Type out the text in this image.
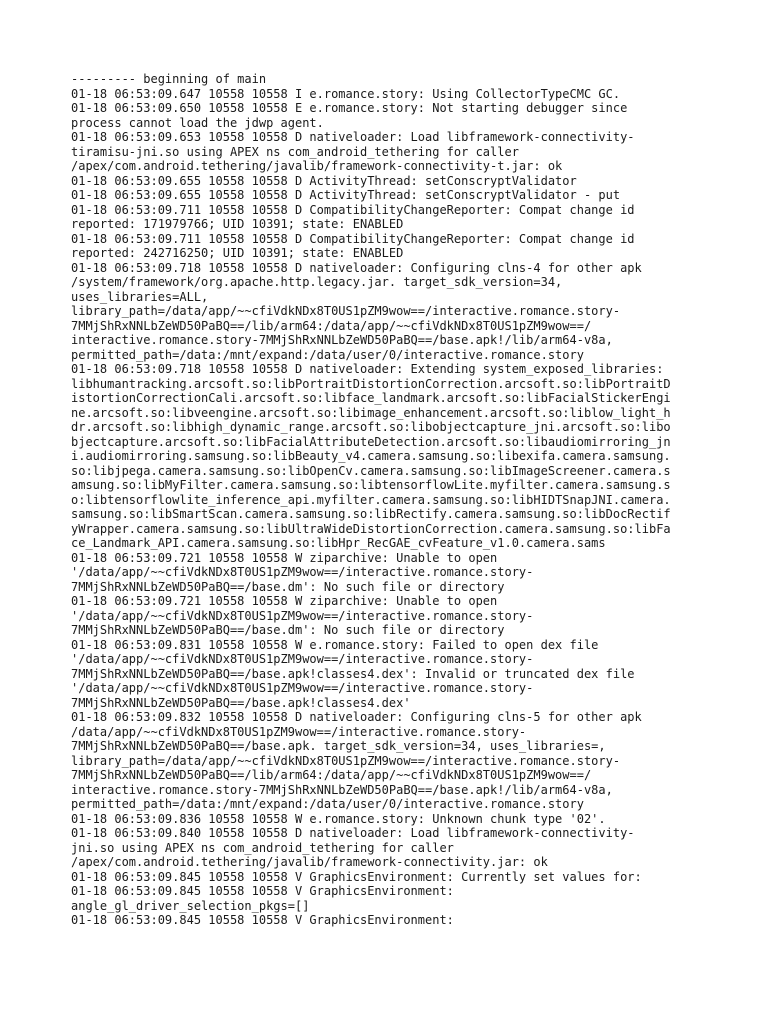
--------- beginning of main
01-18 06:53:09.647 10558 10558 I e.romance.story: Using CollectorTypeCMC GC.
01-18 06:53:09.650 10558 10558 E e.romance.story: Not starting debugger since
process cannot load the jdwp agent.
01-18 06:53:09.653 10558 10558 D nativeloader: Load libframework-connectivity-
tiramisu-jni.so using APEX ns com_android_tethering for caller
/apex/com.android.tethering/javalib/framework-connectivity-t.jar: ok
01-18 06:53:09.655 10558 10558 D ActivityThread: setConscryptValidator
01-18 06:53:09.655 10558 10558 D ActivityThread: setConscryptValidator - put
01-18 06:53:09.711 10558 10558 D CompatibilityChangeReporter: Compat change id
reported: 171979766; UID 10391; state: ENABLED
01-18 06:53:09.711 10558 10558 D CompatibilityChangeReporter: Compat change id
reported: 242716250; UID 10391; state: ENABLED
01-18 06:53:09.718 10558 10558 D nativeloader: Configuring clns-4 for other apk
/system/framework/org.apache.http.legacy.jar. target_sdk_version=34,
uses_libraries=ALL,
library_path=/data/app/~~cfiVdkNDx8T0US1pZM9wow==/interactive.romance.story-
7MMjShRxNNLbZeWD50PaBQ==/lib/arm64:/data/app/~~cfiVdkNDx8T0US1pZM9wow==/
interactive.romance.story-7MMjShRxNNLbZeWD50PaBQ==/base.apk!/lib/arm64-v8a,
permitted_path=/data:/mnt/expand:/data/user/0/interactive.romance.story
01-18 06:53:09.718 10558 10558 D nativeloader: Extending system_exposed_libraries:
libhumantracking.arcsoft.so:libPortraitDistortionCorrection.arcsoft.so:libPortraitD
istortionCorrectionCali.arcsoft.so:libface_landmark.arcsoft.so:libFacialStickerEngi
ne.arcsoft.so:libveengine.arcsoft.so:libimage_enhancement.arcsoft.so:liblow_light_h
dr.arcsoft.so:libhigh_dynamic_range.arcsoft.so:libobjectcapture_jni.arcsoft.so:libo
bjectcapture.arcsoft.so:libFacialAttributeDetection.arcsoft.so:libaudiomirroring_jn
i.audiomirroring.samsung.so:libBeauty_v4.camera.samsung.so:libexifa.camera.samsung.
so:libjpega.camera.samsung.so:libOpenCv.camera.samsung.so:libImageScreener.camera.s
amsung.so:libMyFilter.camera.samsung.so:libtensorflowLite.myfilter.camera.samsung.s
o:libtensorflowlite_inference_api.myfilter.camera.samsung.so:libHIDTSnapJNI.camera.
samsung.so:libSmartScan.camera.samsung.so:libRectify.camera.samsung.so:libDocRectif
yWrapper.camera.samsung.so:libUltraWideDistortionCorrection.camera.samsung.so:libFa
ce_Landmark_API.camera.samsung.so:libHpr_RecGAE_cvFeature_v1.0.camera.sams
01-18 06:53:09.721 10558 10558 W ziparchive: Unable to open
'/data/app/~~cfiVdkNDx8T0US1pZM9wow==/interactive.romance.story-
7MMjShRxNNLbZeWD50PaBQ==/base.dm': No such file or directory
01-18 06:53:09.721 10558 10558 W ziparchive: Unable to open
'/data/app/~~cfiVdkNDx8T0US1pZM9wow==/interactive.romance.story-
7MMjShRxNNLbZeWD50PaBQ==/base.dm': No such file or directory
01-18 06:53:09.831 10558 10558 W e.romance.story: Failed to open dex file
'/data/app/~~cfiVdkNDx8T0US1pZM9wow==/interactive.romance.story-
7MMjShRxNNLbZeWD50PaBQ==/base.apk!classes4.dex': Invalid or truncated dex file
'/data/app/~~cfiVdkNDx8T0US1pZM9wow==/interactive.romance.story-
7MMjShRxNNLbZeWD50PaBQ==/base.apk!classes4.dex'
01-18 06:53:09.832 10558 10558 D nativeloader: Configuring clns-5 for other apk
/data/app/~~cfiVdkNDx8T0US1pZM9wow==/interactive.romance.story-
7MMjShRxNNLbZeWD50PaBQ==/base.apk. target_sdk_version=34, uses_libraries=,
library_path=/data/app/~~cfiVdkNDx8T0US1pZM9wow==/interactive.romance.story-
7MMjShRxNNLbZeWD50PaBQ==/lib/arm64:/data/app/~~cfiVdkNDx8T0US1pZM9wow==/
interactive.romance.story-7MMjShRxNNLbZeWD50PaBQ==/base.apk!/lib/arm64-v8a,
permitted_path=/data:/mnt/expand:/data/user/0/interactive.romance.story
01-18 06:53:09.836 10558 10558 W e.romance.story: Unknown chunk type '02'.
01-18 06:53:09.840 10558 10558 D nativeloader: Load libframework-connectivity-
jni.so using APEX ns com_android_tethering for caller
/apex/com.android.tethering/javalib/framework-connectivity.jar: ok
01-18 06:53:09.845 10558 10558 V GraphicsEnvironment: Currently set values for:
01-18 06:53:09.845 10558 10558 V GraphicsEnvironment:
angle_gl_driver_selection_pkgs=[]
01-18 06:53:09.845 10558 10558 V GraphicsEnvironment:
